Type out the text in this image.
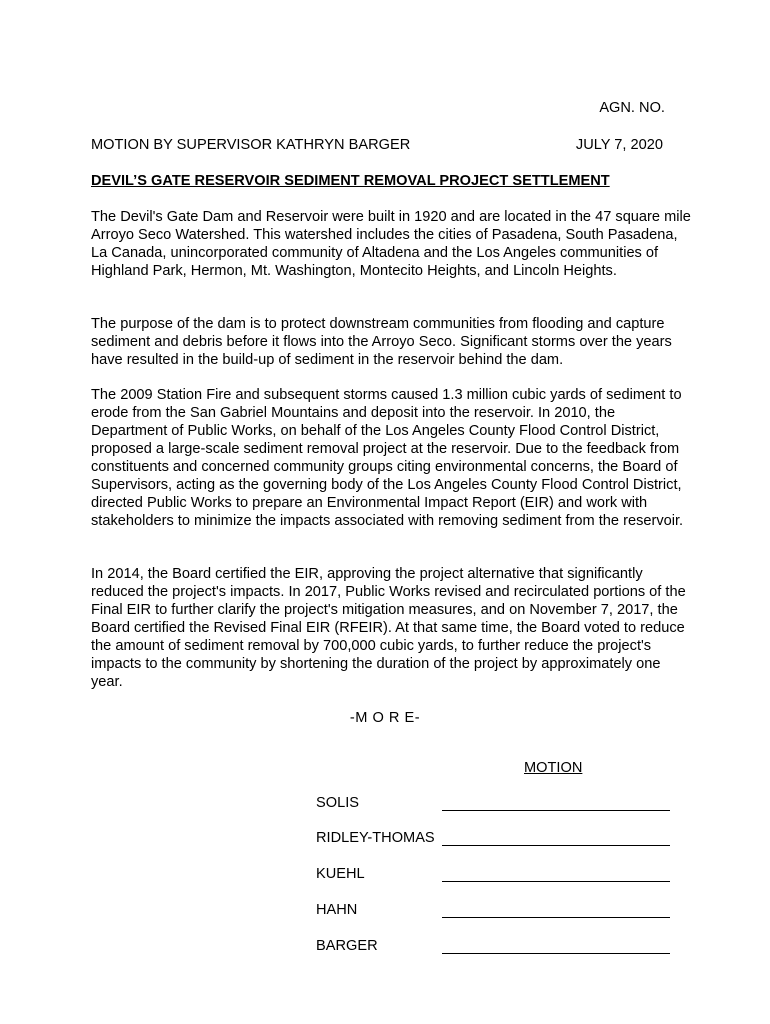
AGN. NO.
MOTION BY SUPERVISOR KATHRYN BARGER	JULY 7, 2020
DEVIL’S GATE RESERVOIR SEDIMENT REMOVAL PROJECT SETTLEMENT

The Devil's Gate Dam and Reservoir were built in 1920 and are located in the 47 square mile Arroyo Seco Watershed. This watershed includes the cities of Pasadena, South Pasadena, La Canada, unincorporated community of Altadena and the Los Angeles communities of Highland Park, Hermon, Mt. Washington, Montecito Heights, and Lincoln Heights.

The purpose of the dam is to protect downstream communities from flooding and capture sediment and debris before it flows into the Arroyo Seco. Significant storms over the years have resulted in the build-up of sediment in the reservoir behind the dam.

The 2009 Station Fire and subsequent storms caused 1.3 million cubic yards of sediment to erode from the San Gabriel Mountains and deposit into the reservoir. In 2010, the Department of Public Works, on behalf of the Los Angeles County Flood Control District, proposed a large-scale sediment removal project at the reservoir. Due to the feedback from constituents and concerned community groups citing environmental concerns, the Board of Supervisors, acting as the governing body of the Los Angeles County Flood Control District, directed Public Works to prepare an Environmental Impact Report (EIR) and work with stakeholders to minimize the impacts associated with removing sediment from the reservoir.

In 2014, the Board certified the EIR, approving the project alternative that significantly reduced the project's impacts. In 2017, Public Works revised and recirculated portions of the Final EIR to further clarify the project's mitigation measures, and on November 7, 2017, the Board certified the Revised Final EIR (RFEIR). At that same time, the Board voted to reduce the amount of sediment removal by 700,000 cubic yards, to further reduce the project's impacts to the community by shortening the duration of the project by approximately one year.

-M O R E-
MOTION
SOLIS
RIDLEY-THOMAS
KUEHL
HAHN
BARGER
